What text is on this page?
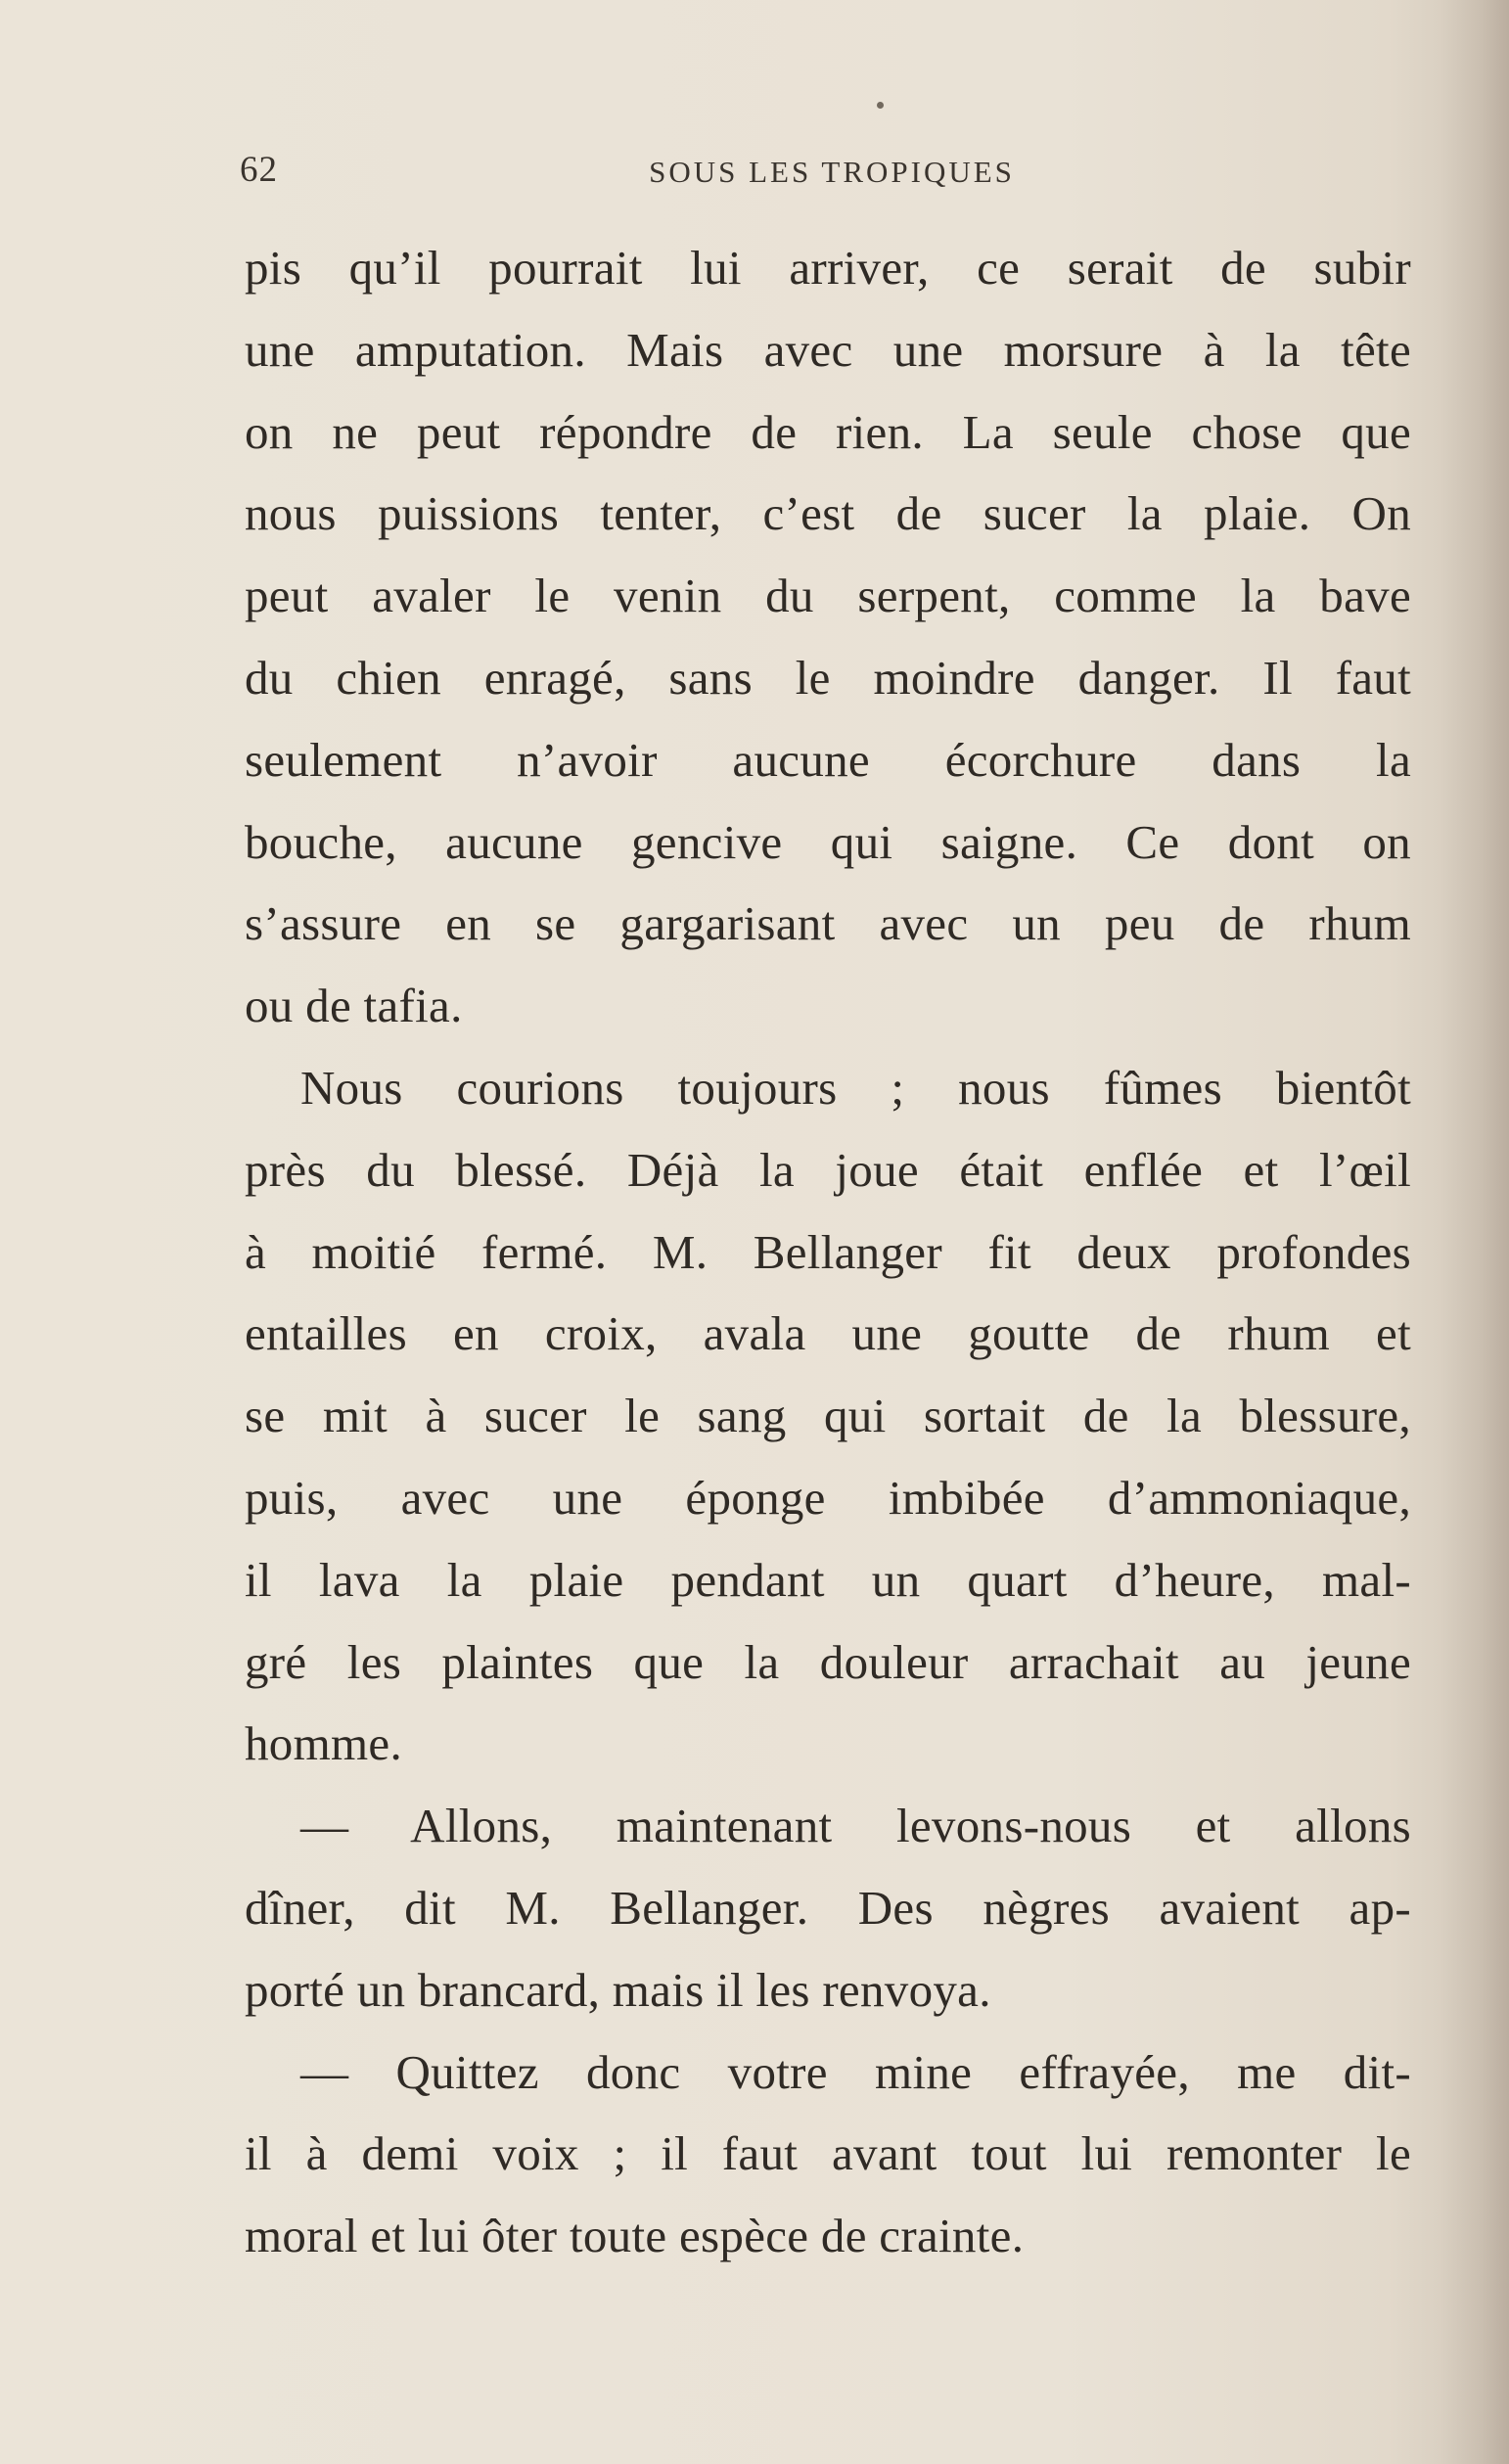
62	SOUS LES TROPIQUES
pis qu’il pourrait lui arriver, ce serait de subir
une amputation. Mais avec une morsure à la tête
on ne peut répondre de rien. La seule chose que
nous puissions tenter, c’est de sucer la plaie. On
peut avaler le venin du serpent, comme la bave
du chien enragé, sans le moindre danger. Il faut
seulement n’avoir aucune écorchure dans la
bouche, aucune gencive qui saigne. Ce dont on
s’assure en se gargarisant avec un peu de rhum
ou de tafia.
Nous courions toujours ; nous fûmes bientôt
près du blessé. Déjà la joue était enflée et l’œil
à moitié fermé. M. Bellanger fit deux profondes
entailles en croix, avala une goutte de rhum et
se mit à sucer le sang qui sortait de la blessure,
puis, avec une éponge imbibée d’ammoniaque,
il lava la plaie pendant un quart d’heure, mal-
gré les plaintes que la douleur arrachait au jeune
homme.
— Allons, maintenant levons-nous et allons
dîner, dit M. Bellanger. Des nègres avaient ap-
porté un brancard, mais il les renvoya.
— Quittez donc votre mine effrayée, me dit-
il à demi voix ; il faut avant tout lui remonter le
moral et lui ôter toute espèce de crainte.
